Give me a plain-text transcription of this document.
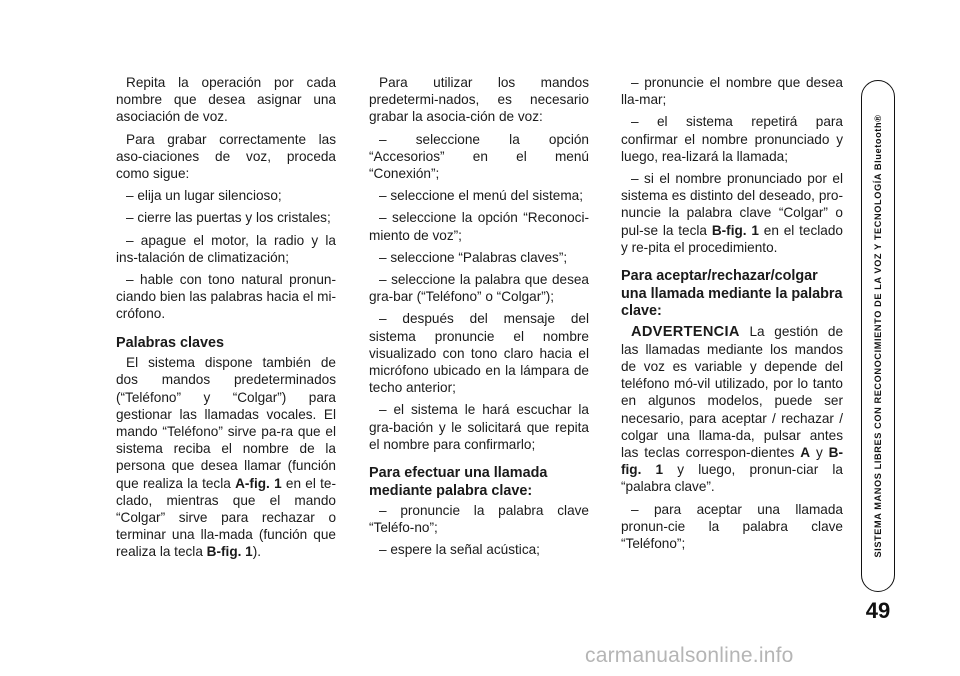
Repita la operación por cada nombre que desea asignar una asociación de voz.

Para grabar correctamente las aso-ciaciones de voz, proceda como sigue:

– elija un lugar silencioso;

– cierre las puertas y los cristales;

– apague el motor, la radio y la ins-talación de climatización;

– hable con tono natural pronun-ciando bien las palabras hacia el mi-crófono.

Palabras claves

El sistema dispone también de dos mandos predeterminados (“Teléfono” y “Colgar”) para gestionar las llamadas vocales. El mando “Teléfono” sirve pa-ra que el sistema reciba el nombre de la persona que desea llamar (función que realiza la tecla A-fig. 1 en el te-clado, mientras que el mando “Colgar” sirve para rechazar o terminar una lla-mada (función que realiza la tecla B-fig. 1).

Para utilizar los mandos predetermi-nados, es necesario grabar la asocia-ción de voz:

– seleccione la opción “Accesorios” en el menú “Conexión”;

– seleccione el menú del sistema;

– seleccione la opción “Reconoci-miento de voz”;

– seleccione “Palabras claves”;

– seleccione la palabra que desea gra-bar (“Teléfono” o “Colgar”);

– después del mensaje del sistema pronuncie el nombre visualizado con tono claro hacia el micrófono ubicado en la lámpara de techo anterior;

– el sistema le hará escuchar la gra-bación y le solicitará que repita el nombre para confirmarlo;

Para efectuar una llamada mediante palabra clave:

– pronuncie la palabra clave “Teléfo-no”;

– espere la señal acústica;

– pronuncie el nombre que desea lla-mar;

– el sistema repetirá para confirmar el nombre pronunciado y luego, rea-lizará la llamada;

– si el nombre pronunciado por el sistema es distinto del deseado, pro-nuncie la palabra clave “Colgar” o pul-se la tecla B-fig. 1 en el teclado y re-pita el procedimiento.

Para aceptar/rechazar/colgar una llamada mediante la palabra clave:

ADVERTENCIA La gestión de las llamadas mediante los mandos de voz es variable y depende del teléfono mó-vil utilizado, por lo tanto en algunos modelos, puede ser necesario, para aceptar / rechazar / colgar una llama-da, pulsar antes las teclas correspon-dientes A y B-fig. 1 y luego, pronun-ciar la “palabra clave”.

– para aceptar una llamada pronun-cie la palabra clave “Teléfono”;	SISTEMA MANOS LIBRES CON RECONOCIMIENTO DE LA VOZ Y TECNOLOGÍA Bluetooth®
49
carmanualsonline.info
